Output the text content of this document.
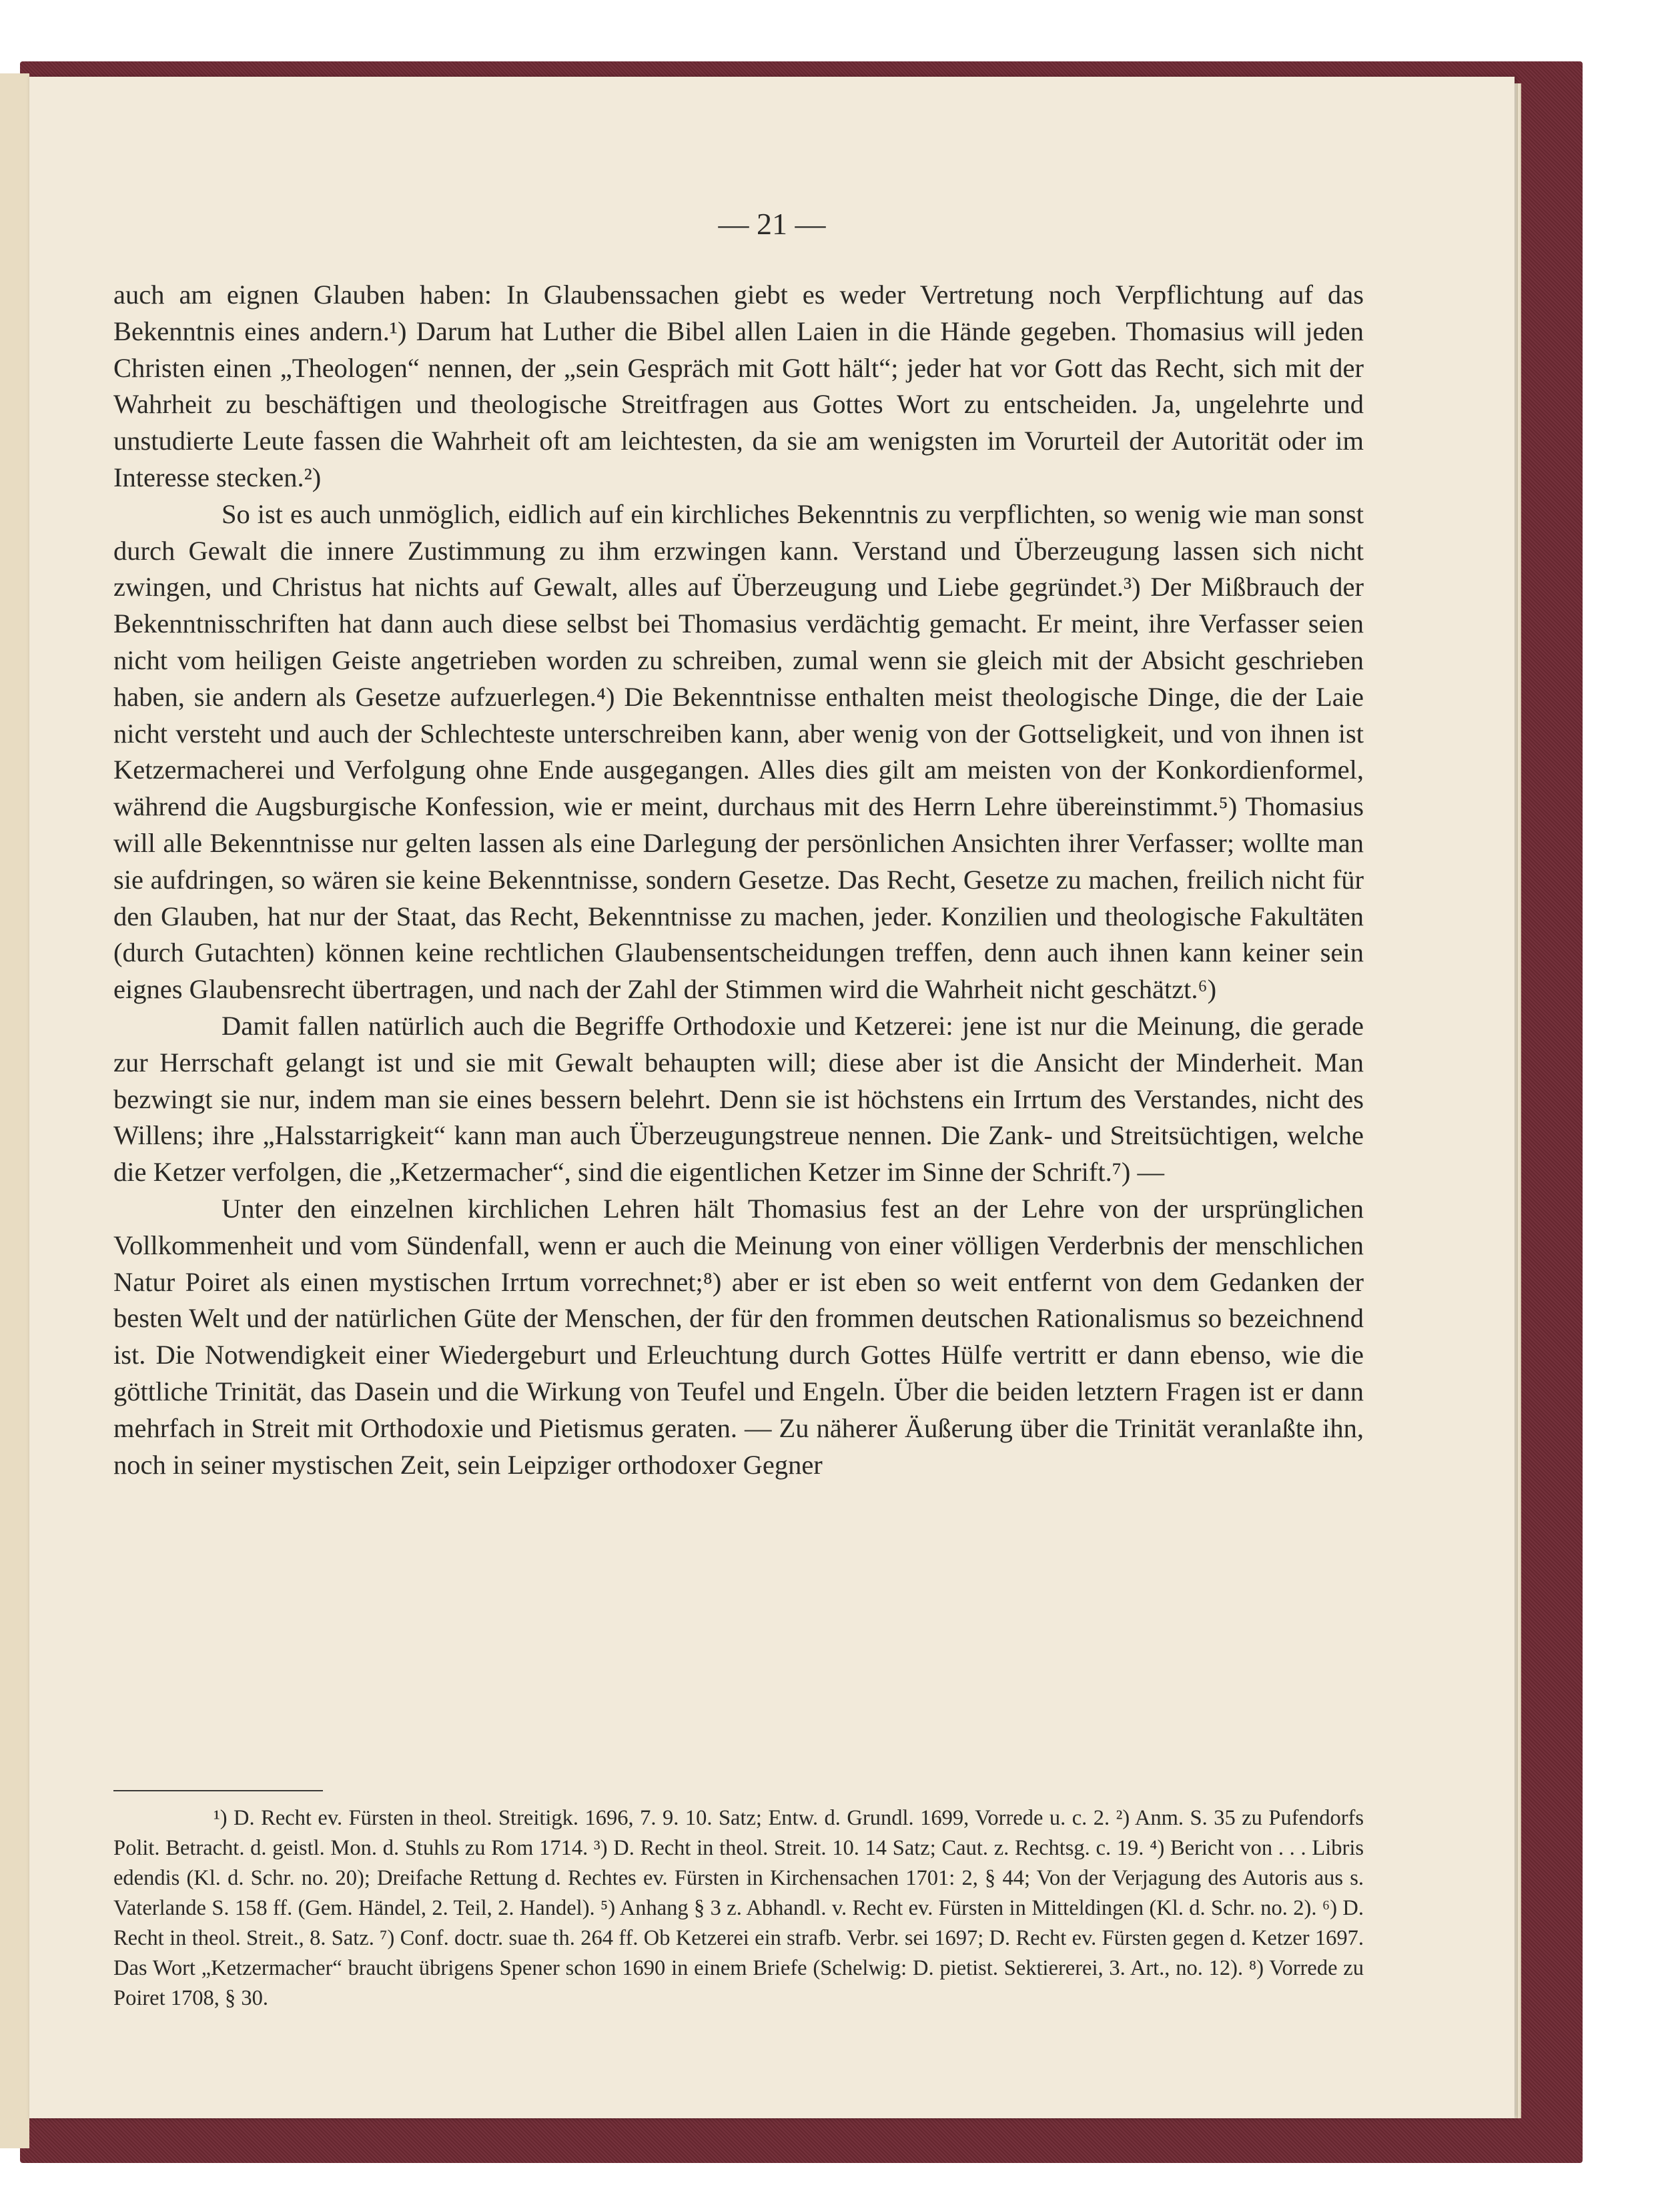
— 21 —

auch am eignen Glauben haben: In Glaubenssachen giebt es weder Vertretung noch Verpflichtung auf das Bekenntnis eines andern.¹) Darum hat Luther die Bibel allen Laien in die Hände gegeben. Thomasius will jeden Christen einen „Theologen“ nennen, der „sein Gespräch mit Gott hält“; jeder hat vor Gott das Recht, sich mit der Wahrheit zu beschäftigen und theologische Streitfragen aus Gottes Wort zu entscheiden. Ja, ungelehrte und unstudierte Leute fassen die Wahrheit oft am leichtesten, da sie am wenigsten im Vorurteil der Autorität oder im Interesse stecken.²)

So ist es auch unmöglich, eidlich auf ein kirchliches Bekenntnis zu verpflichten, so wenig wie man sonst durch Gewalt die innere Zustimmung zu ihm erzwingen kann. Verstand und Überzeugung lassen sich nicht zwingen, und Christus hat nichts auf Gewalt, alles auf Überzeugung und Liebe gegründet.³) Der Mißbrauch der Bekenntnisschriften hat dann auch diese selbst bei Thomasius verdächtig gemacht. Er meint, ihre Verfasser seien nicht vom heiligen Geiste angetrieben worden zu schreiben, zumal wenn sie gleich mit der Absicht geschrieben haben, sie andern als Gesetze aufzuerlegen.⁴) Die Bekenntnisse enthalten meist theologische Dinge, die der Laie nicht versteht und auch der Schlechteste unterschreiben kann, aber wenig von der Gottseligkeit, und von ihnen ist Ketzermacherei und Verfolgung ohne Ende ausgegangen. Alles dies gilt am meisten von der Konkordienformel, während die Augsburgische Konfession, wie er meint, durchaus mit des Herrn Lehre übereinstimmt.⁵) Thomasius will alle Bekenntnisse nur gelten lassen als eine Darlegung der persönlichen Ansichten ihrer Verfasser; wollte man sie aufdringen, so wären sie keine Bekenntnisse, sondern Gesetze. Das Recht, Gesetze zu machen, freilich nicht für den Glauben, hat nur der Staat, das Recht, Bekenntnisse zu machen, jeder. Konzilien und theologische Fakultäten (durch Gutachten) können keine rechtlichen Glaubensentscheidungen treffen, denn auch ihnen kann keiner sein eignes Glaubensrecht übertragen, und nach der Zahl der Stimmen wird die Wahrheit nicht geschätzt.⁶)

Damit fallen natürlich auch die Begriffe Orthodoxie und Ketzerei: jene ist nur die Meinung, die gerade zur Herrschaft gelangt ist und sie mit Gewalt behaupten will; diese aber ist die Ansicht der Minderheit. Man bezwingt sie nur, indem man sie eines bessern belehrt. Denn sie ist höchstens ein Irrtum des Verstandes, nicht des Willens; ihre „Halsstarrigkeit“ kann man auch Überzeugungstreue nennen. Die Zank- und Streitsüchtigen, welche die Ketzer verfolgen, die „Ketzermacher“, sind die eigentlichen Ketzer im Sinne der Schrift.⁷) —

Unter den einzelnen kirchlichen Lehren hält Thomasius fest an der Lehre von der ursprünglichen Vollkommenheit und vom Sündenfall, wenn er auch die Meinung von einer völligen Verderbnis der menschlichen Natur Poiret als einen mystischen Irrtum vorrechnet;⁸) aber er ist eben so weit entfernt von dem Gedanken der besten Welt und der natürlichen Güte der Menschen, der für den frommen deutschen Rationalismus so bezeichnend ist. Die Notwendigkeit einer Wiedergeburt und Erleuchtung durch Gottes Hülfe vertritt er dann ebenso, wie die göttliche Trinität, das Dasein und die Wirkung von Teufel und Engeln. Über die beiden letztern Fragen ist er dann mehrfach in Streit mit Orthodoxie und Pietismus geraten. — Zu näherer Äußerung über die Trinität veranlaßte ihn, noch in seiner mystischen Zeit, sein Leipziger orthodoxer Gegner

¹) D. Recht ev. Fürsten in theol. Streitigk. 1696, 7. 9. 10. Satz; Entw. d. Grundl. 1699, Vorrede u. c. 2. ²) Anm. S. 35 zu Pufendorfs Polit. Betracht. d. geistl. Mon. d. Stuhls zu Rom 1714. ³) D. Recht in theol. Streit. 10. 14 Satz; Caut. z. Rechtsg. c. 19. ⁴) Bericht von . . . Libris edendis (Kl. d. Schr. no. 20); Dreifache Rettung d. Rechtes ev. Fürsten in Kirchensachen 1701: 2, § 44; Von der Verjagung des Autoris aus s. Vaterlande S. 158 ff. (Gem. Händel, 2. Teil, 2. Handel). ⁵) Anhang § 3 z. Abhandl. v. Recht ev. Fürsten in Mitteldingen (Kl. d. Schr. no. 2). ⁶) D. Recht in theol. Streit., 8. Satz. ⁷) Conf. doctr. suae th. 264 ff. Ob Ketzerei ein strafb. Verbr. sei 1697; D. Recht ev. Fürsten gegen d. Ketzer 1697. Das Wort „Ketzermacher“ braucht übrigens Spener schon 1690 in einem Briefe (Schelwig: D. pietist. Sektiererei, 3. Art., no. 12). ⁸) Vorrede zu Poiret 1708, § 30.
